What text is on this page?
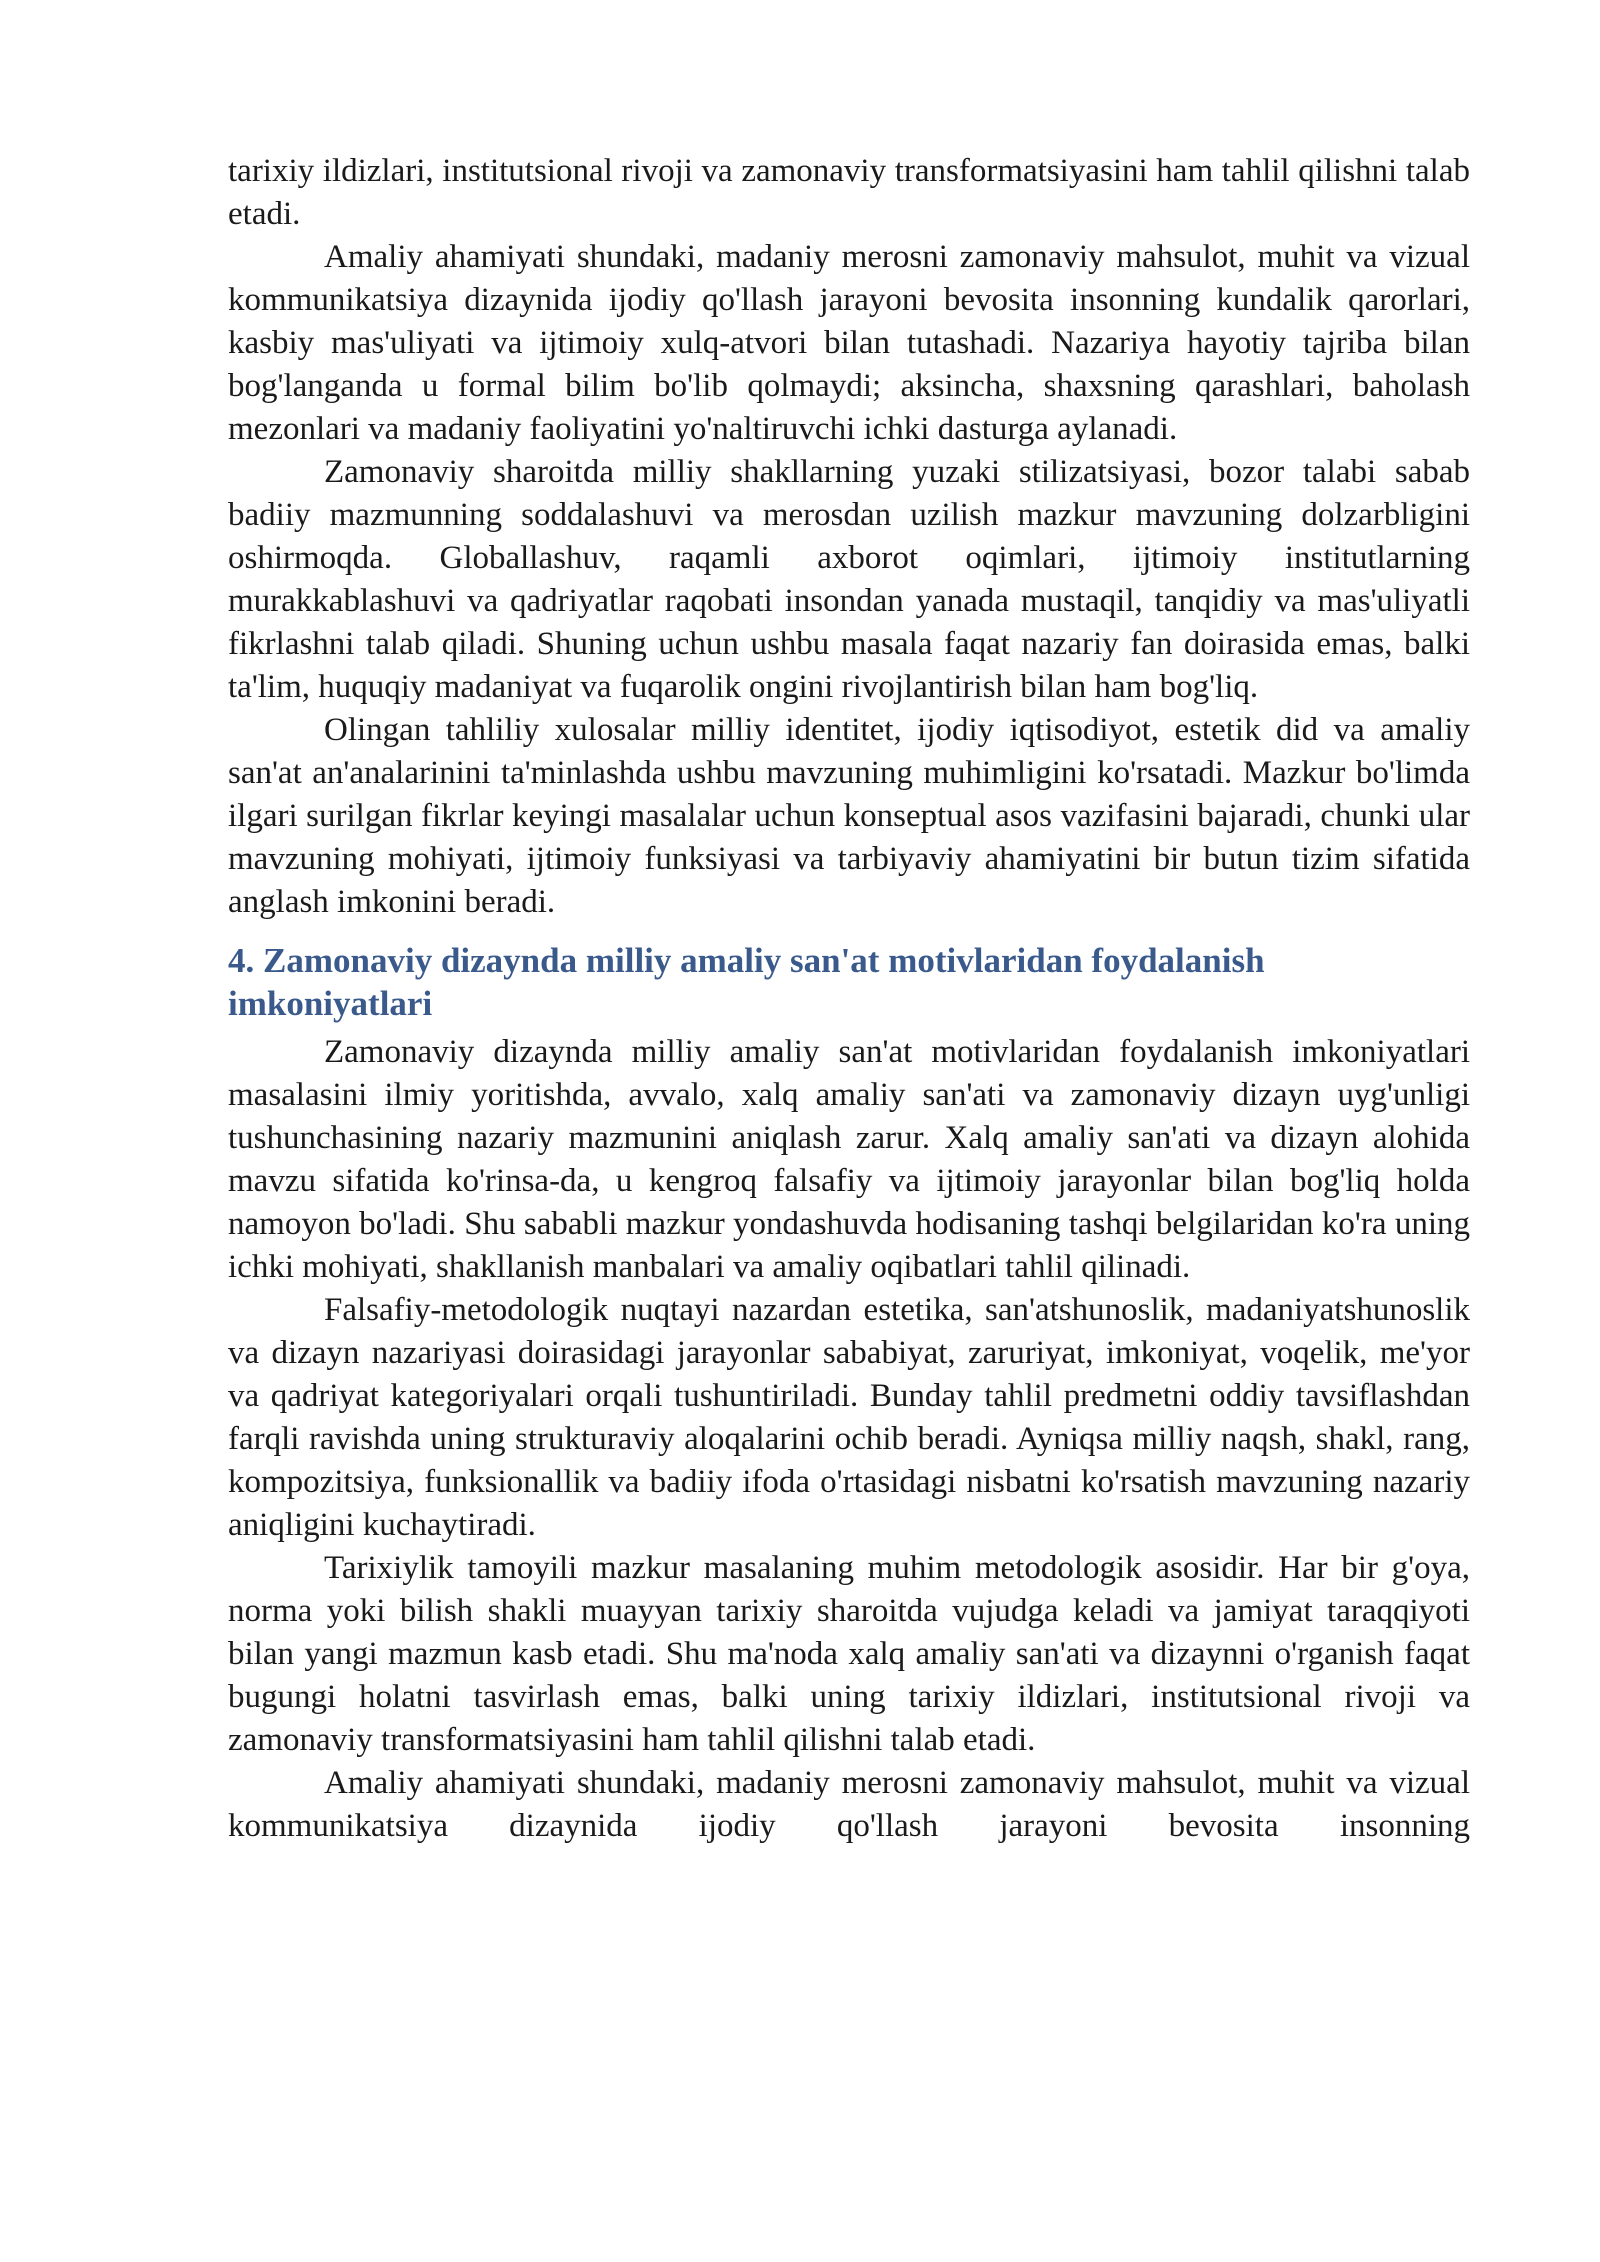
tarixiy ildizlari, institutsional rivoji va zamonaviy transformatsiyasini ham tahlil qilishni talab etadi.

Amaliy ahamiyati shundaki, madaniy merosni zamonaviy mahsulot, muhit va vizual kommunikatsiya dizaynida ijodiy qo'llash jarayoni bevosita insonning kundalik qarorlari, kasbiy mas'uliyati va ijtimoiy xulq-atvori bilan tutashadi. Nazariya hayotiy tajriba bilan bog'langanda u formal bilim bo'lib qolmaydi; aksincha, shaxsning qarashlari, baholash mezonlari va madaniy faoliyatini yo'naltiruvchi ichki dasturga aylanadi.

Zamonaviy sharoitda milliy shakllarning yuzaki stilizatsiyasi, bozor talabi sabab badiiy mazmunning soddalashuvi va merosdan uzilish mazkur mavzuning dolzarbligini oshirmoqda. Globallashuv, raqamli axborot oqimlari, ijtimoiy institutlarning murakkablashuvi va qadriyatlar raqobati insondan yanada mustaqil, tanqidiy va mas'uliyatli fikrlashni talab qiladi. Shuning uchun ushbu masala faqat nazariy fan doirasida emas, balki ta'lim, huquqiy madaniyat va fuqarolik ongini rivojlantirish bilan ham bog'liq.

Olingan tahliliy xulosalar milliy identitet, ijodiy iqtisodiyot, estetik did va amaliy san'at an'analarinini ta'minlashda ushbu mavzuning muhimligini ko'rsatadi. Mazkur bo'limda ilgari surilgan fikrlar keyingi masalalar uchun konseptual asos vazifasini bajaradi, chunki ular mavzuning mohiyati, ijtimoiy funksiyasi va tarbiyaviy ahamiyatini bir butun tizim sifatida anglash imkonini beradi.

4. Zamonaviy dizaynda milliy amaliy san'at motivlaridan foydalanish imkoniyatlari

Zamonaviy dizaynda milliy amaliy san'at motivlaridan foydalanish imkoniyatlari masalasini ilmiy yoritishda, avvalo, xalq amaliy san'ati va zamonaviy dizayn uyg'unligi tushunchasining nazariy mazmunini aniqlash zarur. Xalq amaliy san'ati va dizayn alohida mavzu sifatida ko'rinsa-da, u kengroq falsafiy va ijtimoiy jarayonlar bilan bog'liq holda namoyon bo'ladi. Shu sababli mazkur yondashuvda hodisaning tashqi belgilaridan ko'ra uning ichki mohiyati, shakllanish manbalari va amaliy oqibatlari tahlil qilinadi.

Falsafiy-metodologik nuqtayi nazardan estetika, san'atshunoslik, madaniyatshunoslik va dizayn nazariyasi doirasidagi jarayonlar sababiyat, zaruriyat, imkoniyat, voqelik, me'yor va qadriyat kategoriyalari orqali tushuntiriladi. Bunday tahlil predmetni oddiy tavsiflashdan farqli ravishda uning strukturaviy aloqalarini ochib beradi. Ayniqsa milliy naqsh, shakl, rang, kompozitsiya, funksionallik va badiiy ifoda o'rtasidagi nisbatni ko'rsatish mavzuning nazariy aniqligini kuchaytiradi.

Tarixiylik tamoyili mazkur masalaning muhim metodologik asosidir. Har bir g'oya, norma yoki bilish shakli muayyan tarixiy sharoitda vujudga keladi va jamiyat taraqqiyoti bilan yangi mazmun kasb etadi. Shu ma'noda xalq amaliy san'ati va dizaynni o'rganish faqat bugungi holatni tasvirlash emas, balki uning tarixiy ildizlari, institutsional rivoji va zamonaviy transformatsiyasini ham tahlil qilishni talab etadi.

Amaliy ahamiyati shundaki, madaniy merosni zamonaviy mahsulot, muhit va vizual kommunikatsiya dizaynida ijodiy qo'llash jarayoni bevosita insonning
